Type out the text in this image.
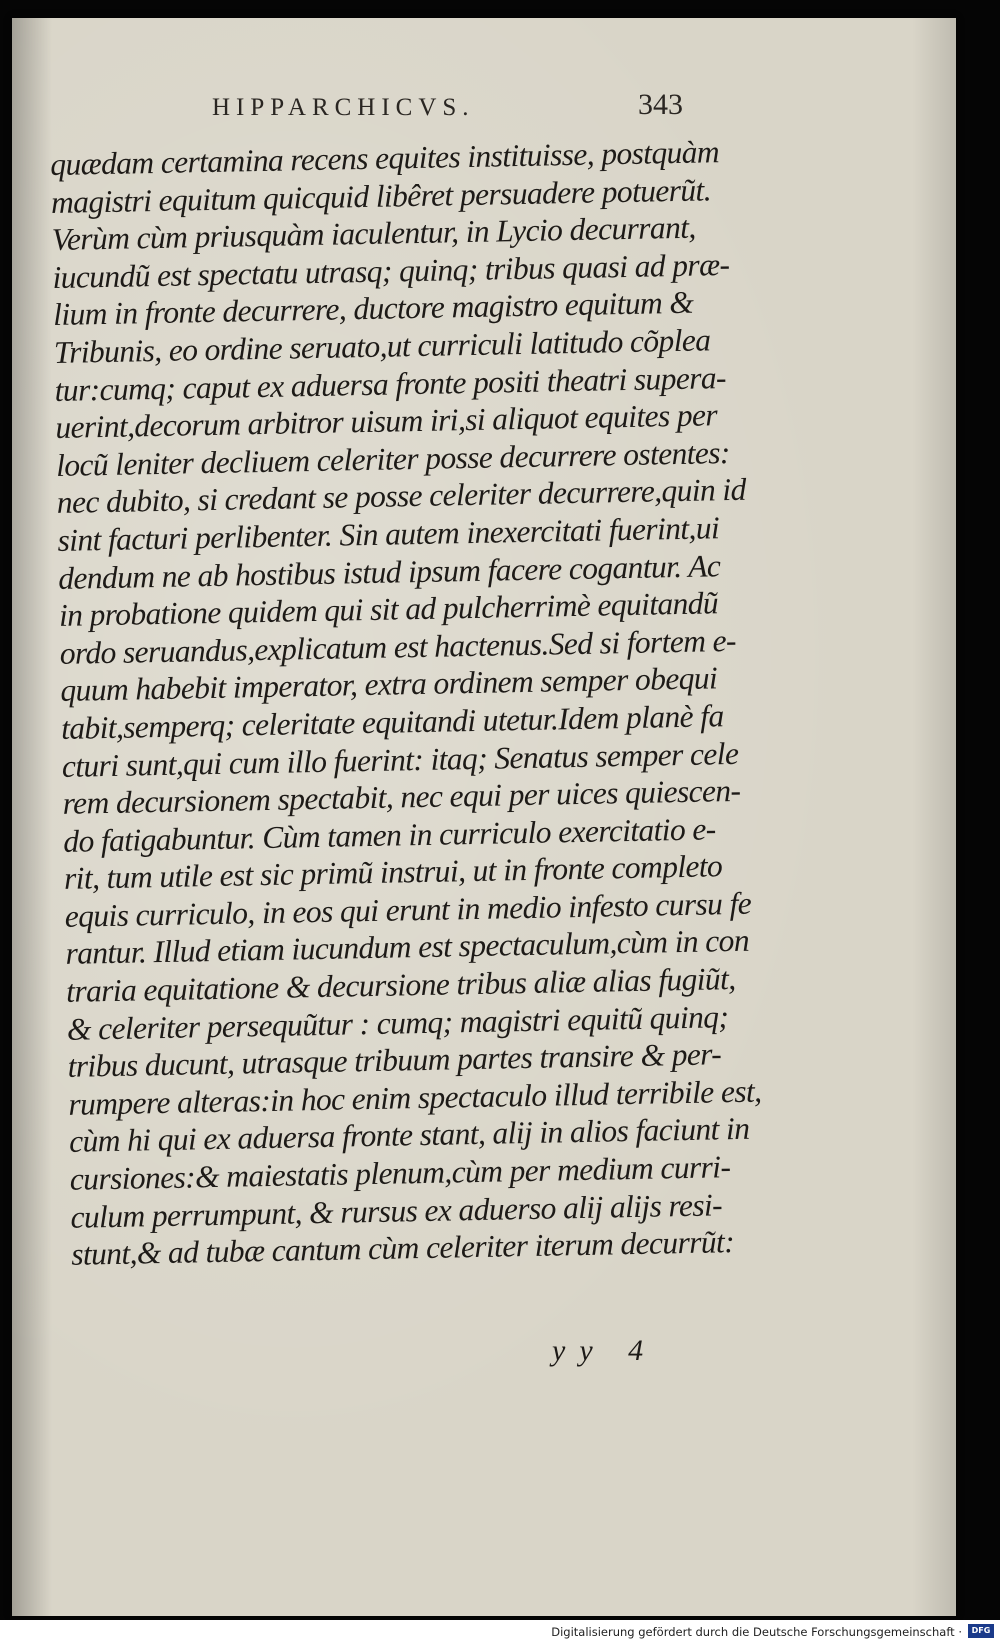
HIPPARCHICVS.	343
quædam certamina recens equites instituisse, postquàm
magistri equitum quicquid libêret persuadere potuerũt.
Verùm cùm priusquàm iaculentur, in Lycio decurrant,
iucundũ est spectatu utrasq; quinq; tribus quasi ad præ-
lium in fronte decurrere, ductore magistro equitum &
Tribunis, eo ordine seruato,ut curriculi latitudo cõplea
tur:cumq; caput ex aduersa fronte positi theatri supera-
uerint,decorum arbitror uisum iri,si aliquot equites per
locũ leniter decliuem celeriter posse decurrere ostentes:
nec dubito, si credant se posse celeriter decurrere,quin id
sint facturi perlibenter. Sin autem inexercitati fuerint,ui
dendum ne ab hostibus istud ipsum facere cogantur. Ac
in probatione quidem qui sit ad pulcherrimè equitandũ
ordo seruandus,explicatum est hactenus.Sed si fortem e-
quum habebit imperator, extra ordinem semper obequi
tabit,semperq; celeritate equitandi utetur.Idem planè fa
cturi sunt,qui cum illo fuerint: itaq; Senatus semper cele
rem decursionem spectabit, nec equi per uices quiescen-
do fatigabuntur. Cùm tamen in curriculo exercitatio e-
rit, tum utile est sic primũ instrui, ut in fronte completo
equis curriculo, in eos qui erunt in medio infesto cursu fe
rantur. Illud etiam iucundum est spectaculum,cùm in con
traria equitatione & decursione tribus aliæ alias fugiũt,
& celeriter persequũtur : cumq; magistri equitũ quinq;
tribus ducunt, utrasque tribuum partes transire & per-
rumpere alteras:in hoc enim spectaculo illud terribile est,
cùm hi qui ex aduersa fronte stant, alij in alios faciunt in
cursiones:& maiestatis plenum,cùm per medium curri-
culum perrumpunt, & rursus ex aduerso alij alijs resi-
stunt,& ad tubæ cantum cùm celeriter iterum decurrũt:
yy 4
Digitalisierung gefördert durch die Deutsche Forschungsgemeinschaft ·	DFG
